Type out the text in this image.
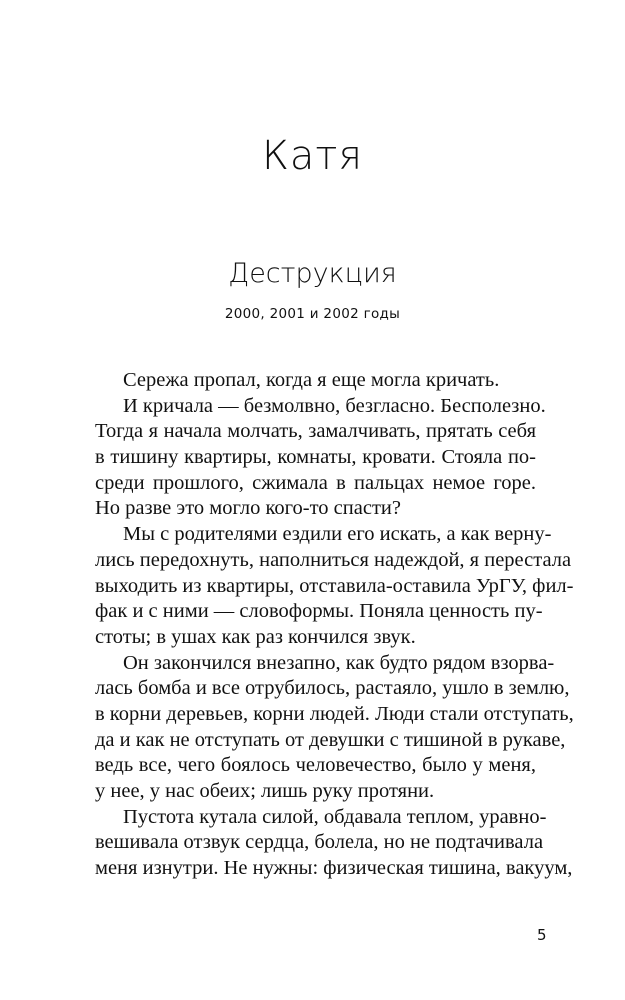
Катя
Деструкция

2000, 2001 и 2002 годы

Сережа пропал, когда я еще могла кричать.
И кричала — безмолвно, безгласно. Бесполезно.
Тогда я начала молчать, замалчивать, прятать себя
в тишину квартиры, комнаты, кровати. Стояла по-
среди прошлого, сжимала в пальцах немое горе.
Но разве это могло кого-то спасти?
Мы с родителями ездили его искать, а как верну-
лись передохнуть, наполниться надеждой, я перестала
выходить из квартиры, отставила-оставила УрГУ, фил-
фак и с ними — словоформы. Поняла ценность пу-
стоты; в ушах как раз кончился звук.
Он закончился внезапно, как будто рядом взорва-
лась бомба и все отрубилось, растаяло, ушло в землю,
в корни деревьев, корни людей. Люди стали отступать,
да и как не отступать от девушки с тишиной в рукаве,
ведь все, чего боялось человечество, было у меня,
у нее, у нас обеих; лишь руку протяни.
Пустота кутала силой, обдавала теплом, уравно-
вешивала отзвук сердца, болела, но не подтачивала
меня изнутри. Не нужны: физическая тишина, вакуум,

5
